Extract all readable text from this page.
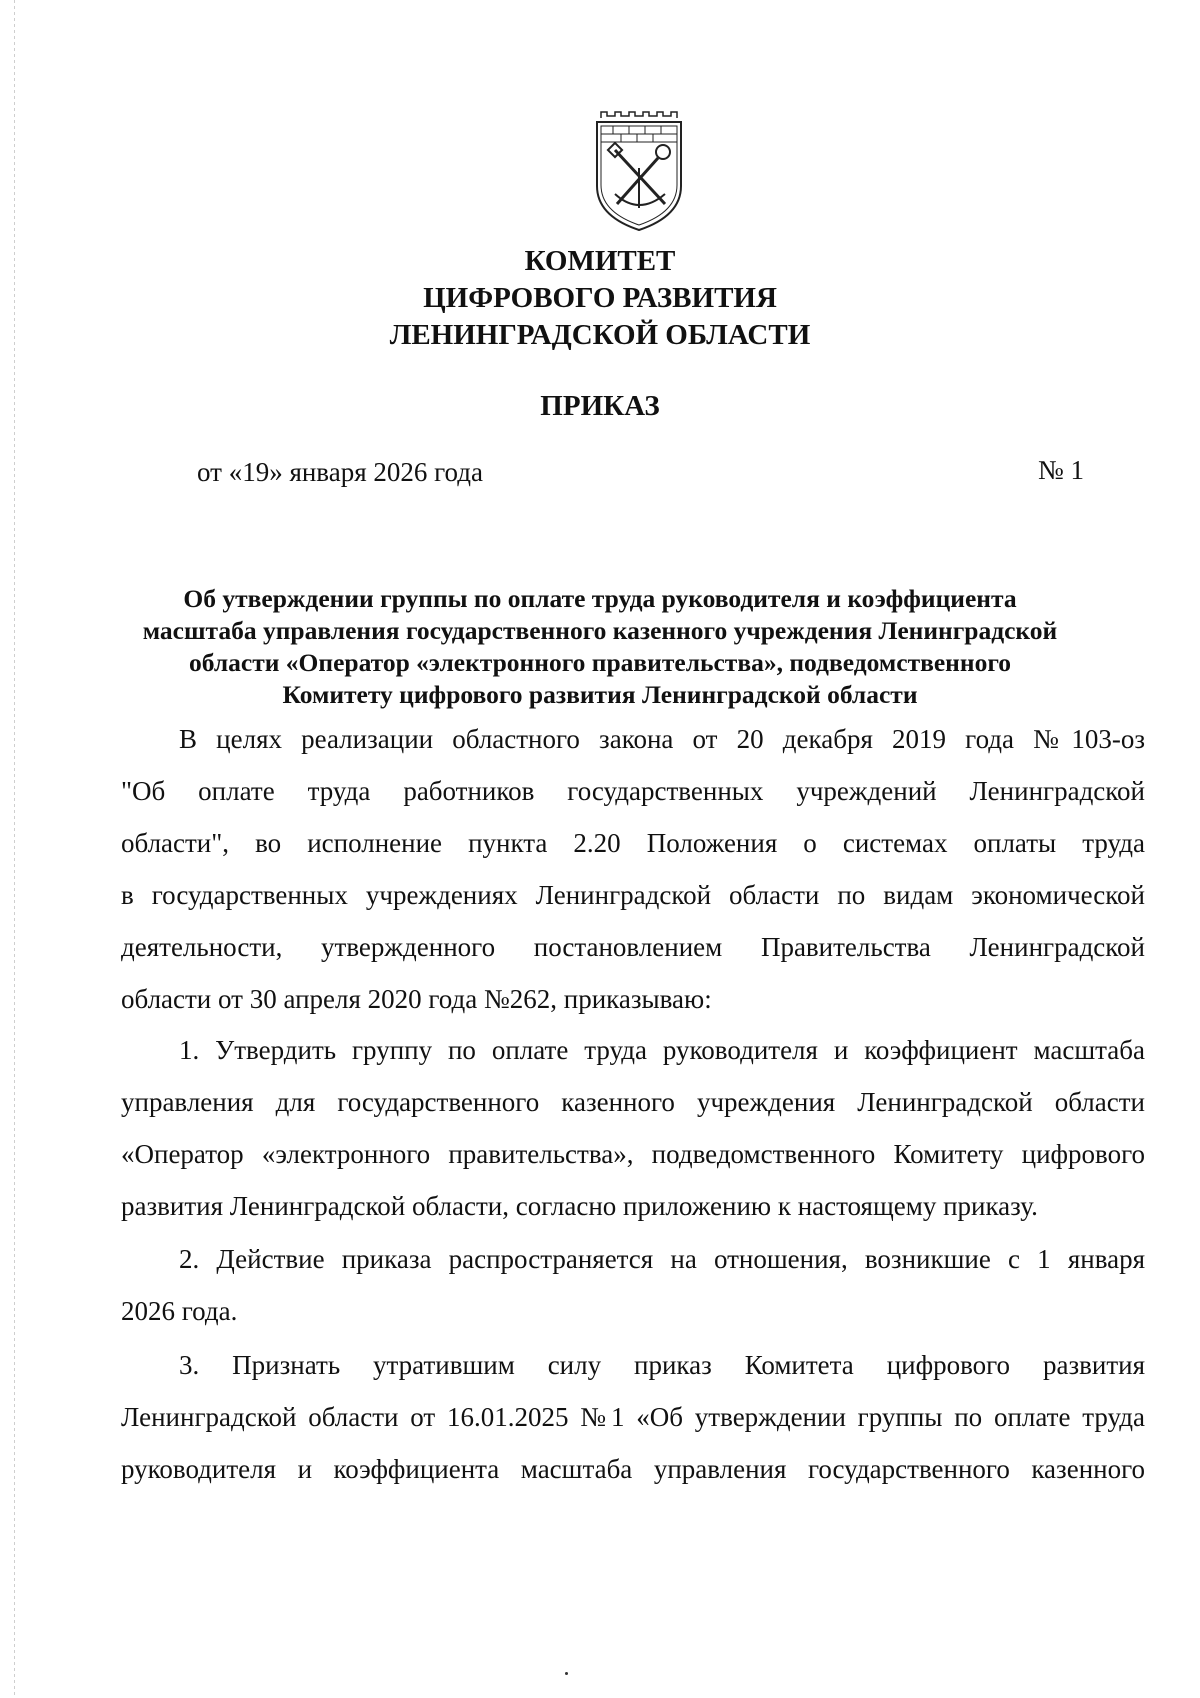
КОМИТЕТ
ЦИФРОВОГО РАЗВИТИЯ
ЛЕНИНГРАДСКОЙ ОБЛАСТИ
ПРИКАЗ
от «19» января 2026 года	№ 1
Об утверждении группы по оплате труда руководителя и коэффициента
масштаба управления государственного казенного учреждения Ленинградской
области «Оператор «электронного правительства», подведомственного
Комитету цифрового развития Ленинградской области
В целях реализации областного закона от 20 декабря 2019 года №103-оз
"Об оплате труда работников государственных учреждений Ленинградской
области", во исполнение пункта 2.20 Положения о системах оплаты труда
в государственных учреждениях Ленинградской области по видам экономической
деятельности, утвержденного постановлением Правительства Ленинградской
области от 30 апреля 2020 года №262, приказываю:
1. Утвердить группу по оплате труда руководителя и коэффициент масштаба
управления для государственного казенного учреждения Ленинградской области
«Оператор «электронного правительства», подведомственного Комитету цифрового
развития Ленинградской области, согласно приложению к настоящему приказу.
2. Действие приказа распространяется на отношения, возникшие с 1 января
2026 года.
3. Признать утратившим силу приказ Комитета цифрового развития
Ленинградской области от 16.01.2025 №1 «Об утверждении группы по оплате труда
руководителя и коэффициента масштаба управления государственного казенного
